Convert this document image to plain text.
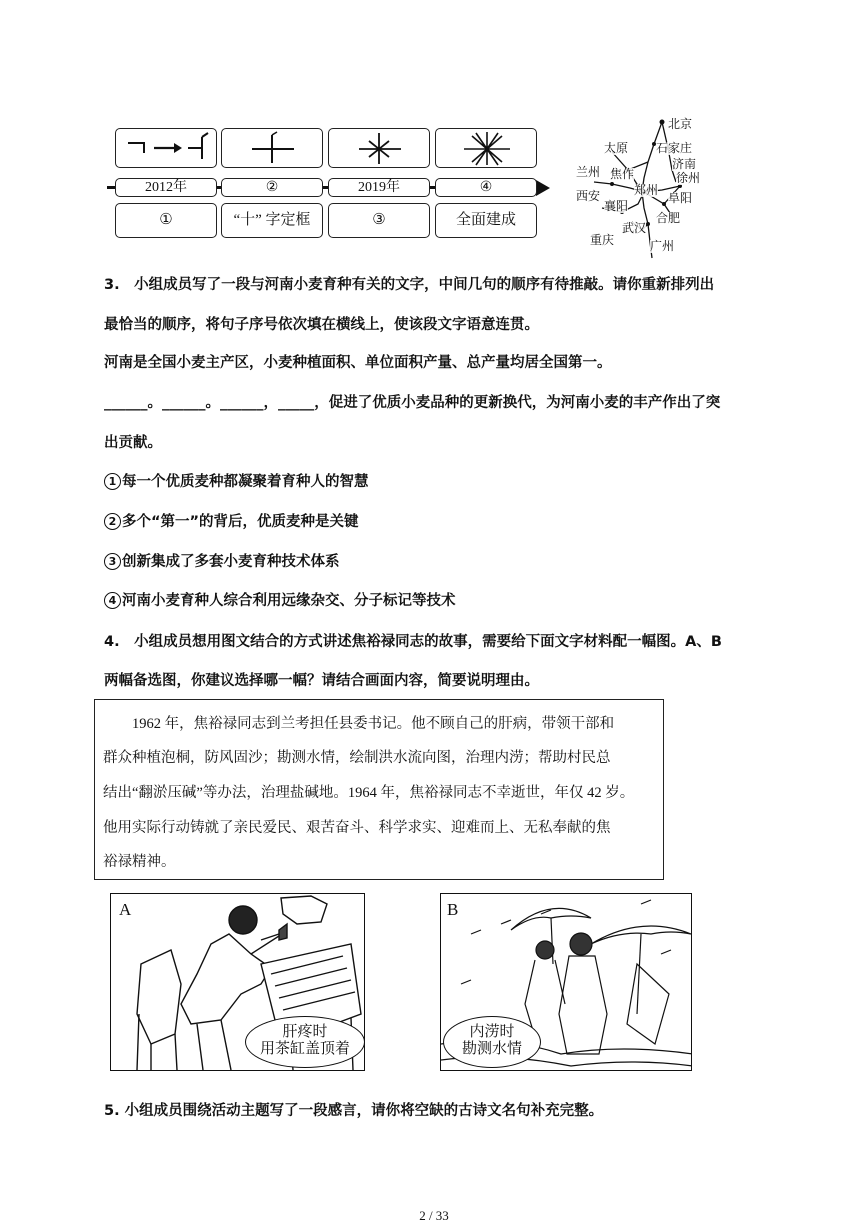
2012年	②	2019年	④
①	“十” 字定框	③	全面建成
北京
太原 石家庄
济南
兰州 焦作	徐州
郑州
西安	阜阳
襄阳
合肥
武汉
重庆	广州
3.　小组成员写了一段与河南小麦育种有关的文字，中间几句的顺序有待推敲。请你重新排列出
最恰当的顺序，将句子序号依次填在横线上，使该段文字语意连贯。
河南是全国小麦主产区，小麦种植面积、单位面积产量、总产量均居全国第一。
______。______。______，_____，促进了优质小麦品种的更新换代，为河南小麦的丰产作出了突
出贡献。
1 每一个优质麦种都凝聚着育种人的智慧
2 多个“第一”的背后，优质麦种是关键
3 创新集成了多套小麦育种技术体系
4 河南小麦育种人综合利用远缘杂交、分子标记等技术
4.　小组成员想用图文结合的方式讲述焦裕禄同志的故事，需要给下面文字材料配一幅图。A、B
两幅备选图，你建议选择哪一幅？请结合画面内容，简要说明理由。
　　1962 年，焦裕禄同志到兰考担任县委书记。他不顾自己的肝病，带领干部和
群众种植泡桐，防风固沙；勘测水情，绘制洪水流向图，治理内涝；帮助村民总
结出“翻淤压碱”等办法，治理盐碱地。1964 年，焦裕禄同志不幸逝世，年仅 42 岁。
他用实际行动铸就了亲民爱民、艰苦奋斗、科学求实、迎难而上、无私奉献的焦
裕禄精神。
A
肝疼时
用茶缸盖顶着
B
内涝时
勘测水情
5. 小组成员围绕活动主题写了一段感言，请你将空缺的古诗文名句补充完整。
2 / 33
